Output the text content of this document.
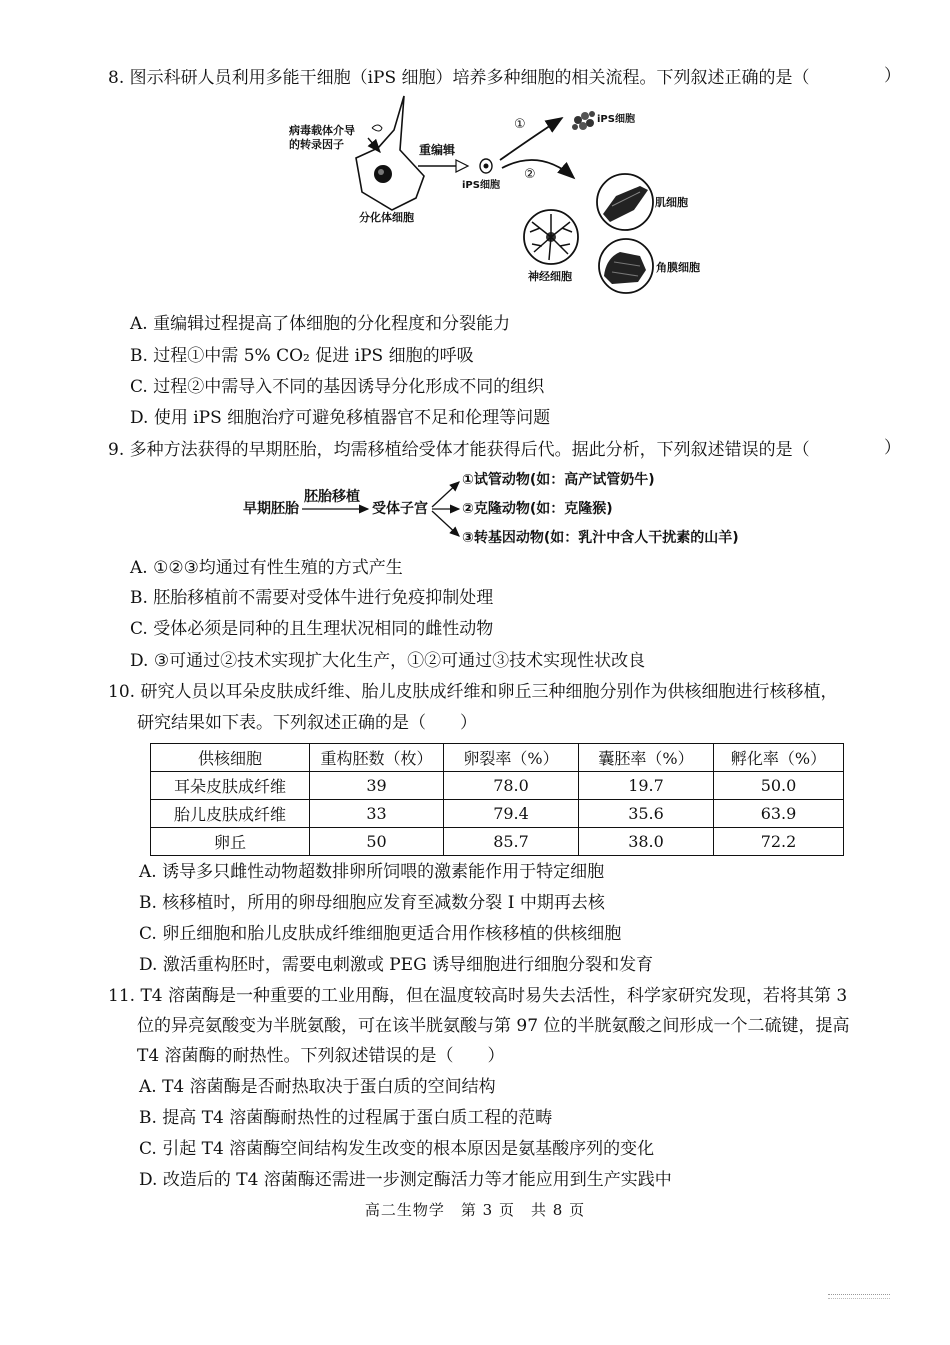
8. 图示科研人员利用多能干细胞（iPS 细胞）培养多种细胞的相关流程。下列叙述正确的是（	）
病毒载体介导
的转录因子
分化体细胞
重编辑
iPS细胞
①
②
iPS细胞
肌细胞
神经细胞
角膜细胞
A. 重编辑过程提高了体细胞的分化程度和分裂能力
B. 过程①中需 5% CO₂ 促进 iPS 细胞的呼吸
C. 过程②中需导入不同的基因诱导分化形成不同的组织
D. 使用 iPS 细胞治疗可避免移植器官不足和伦理等问题
9. 多种方法获得的早期胚胎，均需移植给受体才能获得后代。据此分析，下列叙述错误的是（	）
早期胚胎
胚胎移植
受体子宫
①试管动物(如：高产试管奶牛)
②克隆动物(如：克隆猴)
③转基因动物(如：乳汁中含人干扰素的山羊)
A. ①②③均通过有性生殖的方式产生
B. 胚胎移植前不需要对受体牛进行免疫抑制处理
C. 受体必须是同种的且生理状况相同的雌性动物
D. ③可通过②技术实现扩大化生产，①②可通过③技术实现性状改良
10. 研究人员以耳朵皮肤成纤维、胎儿皮肤成纤维和卵丘三种细胞分别作为供核细胞进行核移植，
研究结果如下表。下列叙述正确的是（　　）
供核细胞	重构胚数（枚）	卵裂率（%）	囊胚率（%）	孵化率（%）
耳朵皮肤成纤维	39	78.0	19.7	50.0
胎儿皮肤成纤维	33	79.4	35.6	63.9
卵丘	50	85.7	38.0	72.2
A. 诱导多只雌性动物超数排卵所饲喂的激素能作用于特定细胞
B. 核移植时，所用的卵母细胞应发育至减数分裂 I 中期再去核
C. 卵丘细胞和胎儿皮肤成纤维细胞更适合用作核移植的供核细胞
D. 激活重构胚时，需要电刺激或 PEG 诱导细胞进行细胞分裂和发育
11. T4 溶菌酶是一种重要的工业用酶，但在温度较高时易失去活性，科学家研究发现，若将其第 3
位的异亮氨酸变为半胱氨酸，可在该半胱氨酸与第 97 位的半胱氨酸之间形成一个二硫键，提高
T4 溶菌酶的耐热性。下列叙述错误的是（　　）
A. T4 溶菌酶是否耐热取决于蛋白质的空间结构
B. 提高 T4 溶菌酶耐热性的过程属于蛋白质工程的范畴
C. 引起 T4 溶菌酶空间结构发生改变的根本原因是氨基酸序列的变化
D. 改造后的 T4 溶菌酶还需进一步测定酶活力等才能应用到生产实践中
高二生物学　第 3 页　共 8 页
